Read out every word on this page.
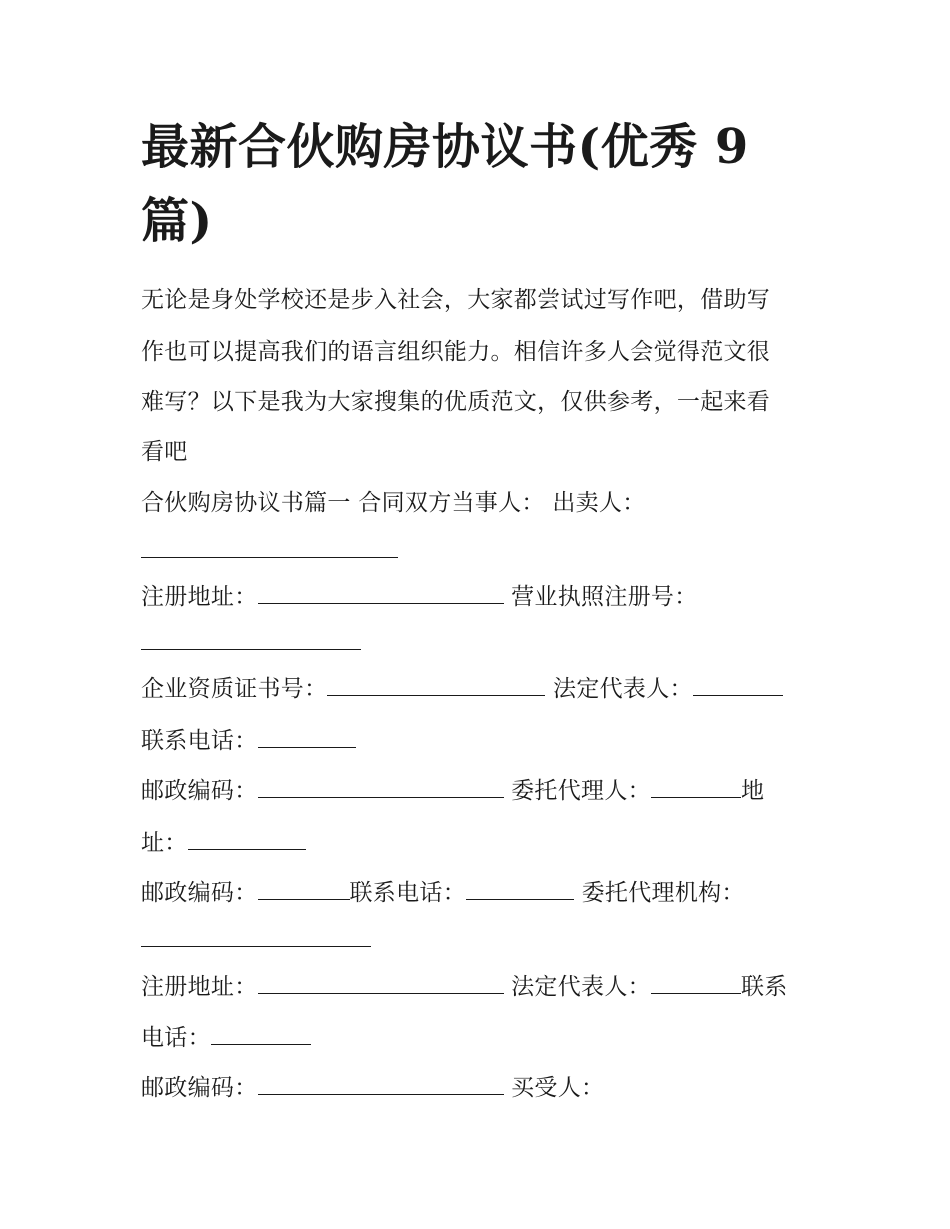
最新合伙购房协议书(优秀 9篇)
无论是身处学校还是步入社会，大家都尝试过写作吧，借助写
作也可以提高我们的语言组织能力。相信许多人会觉得范文很
难写？以下是我为大家搜集的优质范文，仅供参考，一起来看
看吧
合伙购房协议书篇一 合同双方当事人： 出卖人：
注册地址：	营业执照注册号：
企业资质证书号：	法定代表人：
联系电话：
邮政编码：	委托代理人：	地
址：
邮政编码：	联系电话：	委托代理机构：
注册地址：	法定代表人：	联系
电话：
邮政编码：	买受人：
